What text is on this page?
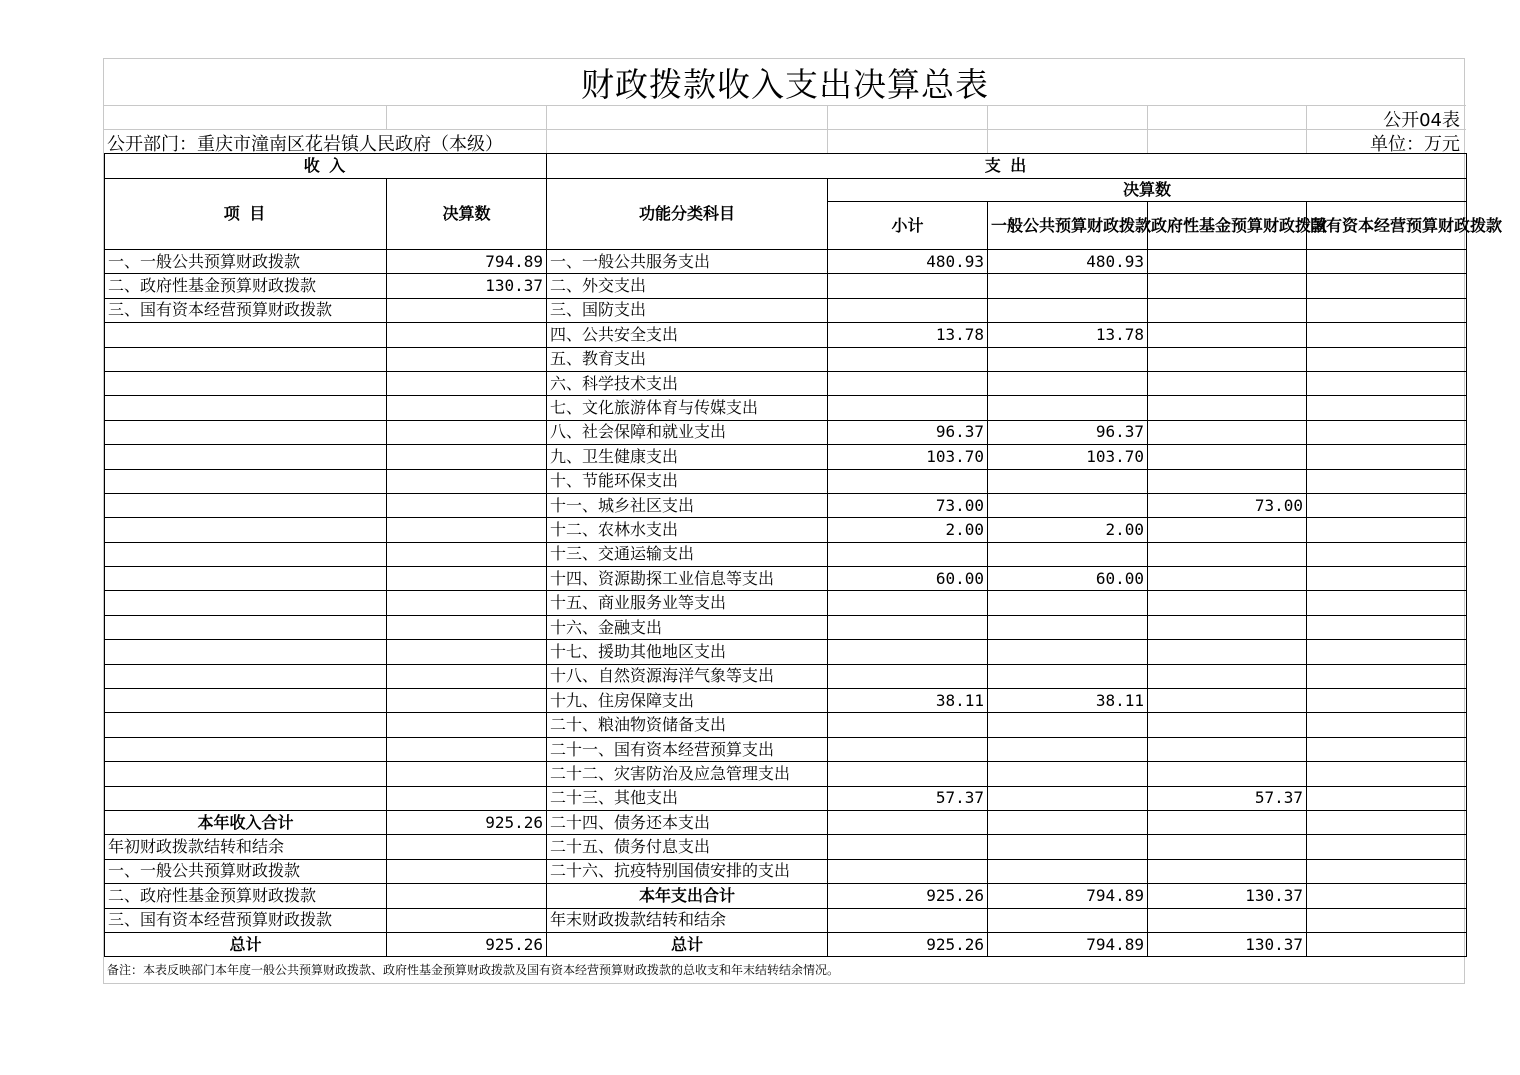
财政拨款收入支出决算总表
公开04表
公开部门：重庆市潼南区花岩镇人民政府（本级）	单位：万元
收 入		支 出				
项 目	决算数	功能分类科目	决算数			
			小计	一般公共预算财政拨款	政府性基金预算财政拨款	国有资本经营预算财政拨款
一、一般公共预算财政拨款	794.89	一、一般公共服务支出	480.93	480.93		
二、政府性基金预算财政拨款	130.37	二、外交支出				
三、国有资本经营预算财政拨款		三、国防支出				
		四、公共安全支出	13.78	13.78		
		五、教育支出				
		六、科学技术支出				
		七、文化旅游体育与传媒支出				
		八、社会保障和就业支出	96.37	96.37		
		九、卫生健康支出	103.70	103.70		
		十、节能环保支出				
		十一、城乡社区支出	73.00		73.00	
		十二、农林水支出	2.00	2.00		
		十三、交通运输支出				
		十四、资源勘探工业信息等支出	60.00	60.00		
		十五、商业服务业等支出				
		十六、金融支出				
		十七、援助其他地区支出				
		十八、自然资源海洋气象等支出				
		十九、住房保障支出	38.11	38.11		
		二十、粮油物资储备支出				
		二十一、国有资本经营预算支出				
		二十二、灾害防治及应急管理支出				
		二十三、其他支出	57.37		57.37	
本年收入合计	925.26	二十四、债务还本支出				
年初财政拨款结转和结余		二十五、债务付息支出				
一、一般公共预算财政拨款		二十六、抗疫特别国债安排的支出				
二、政府性基金预算财政拨款		本年支出合计	925.26	794.89	130.37	
三、国有资本经营预算财政拨款		年末财政拨款结转和结余				
总计	925.26	总计	925.26	794.89	130.37	
备注：本表反映部门本年度一般公共预算财政拨款、政府性基金预算财政拨款及国有资本经营预算财政拨款的总收支和年末结转结余情况。
